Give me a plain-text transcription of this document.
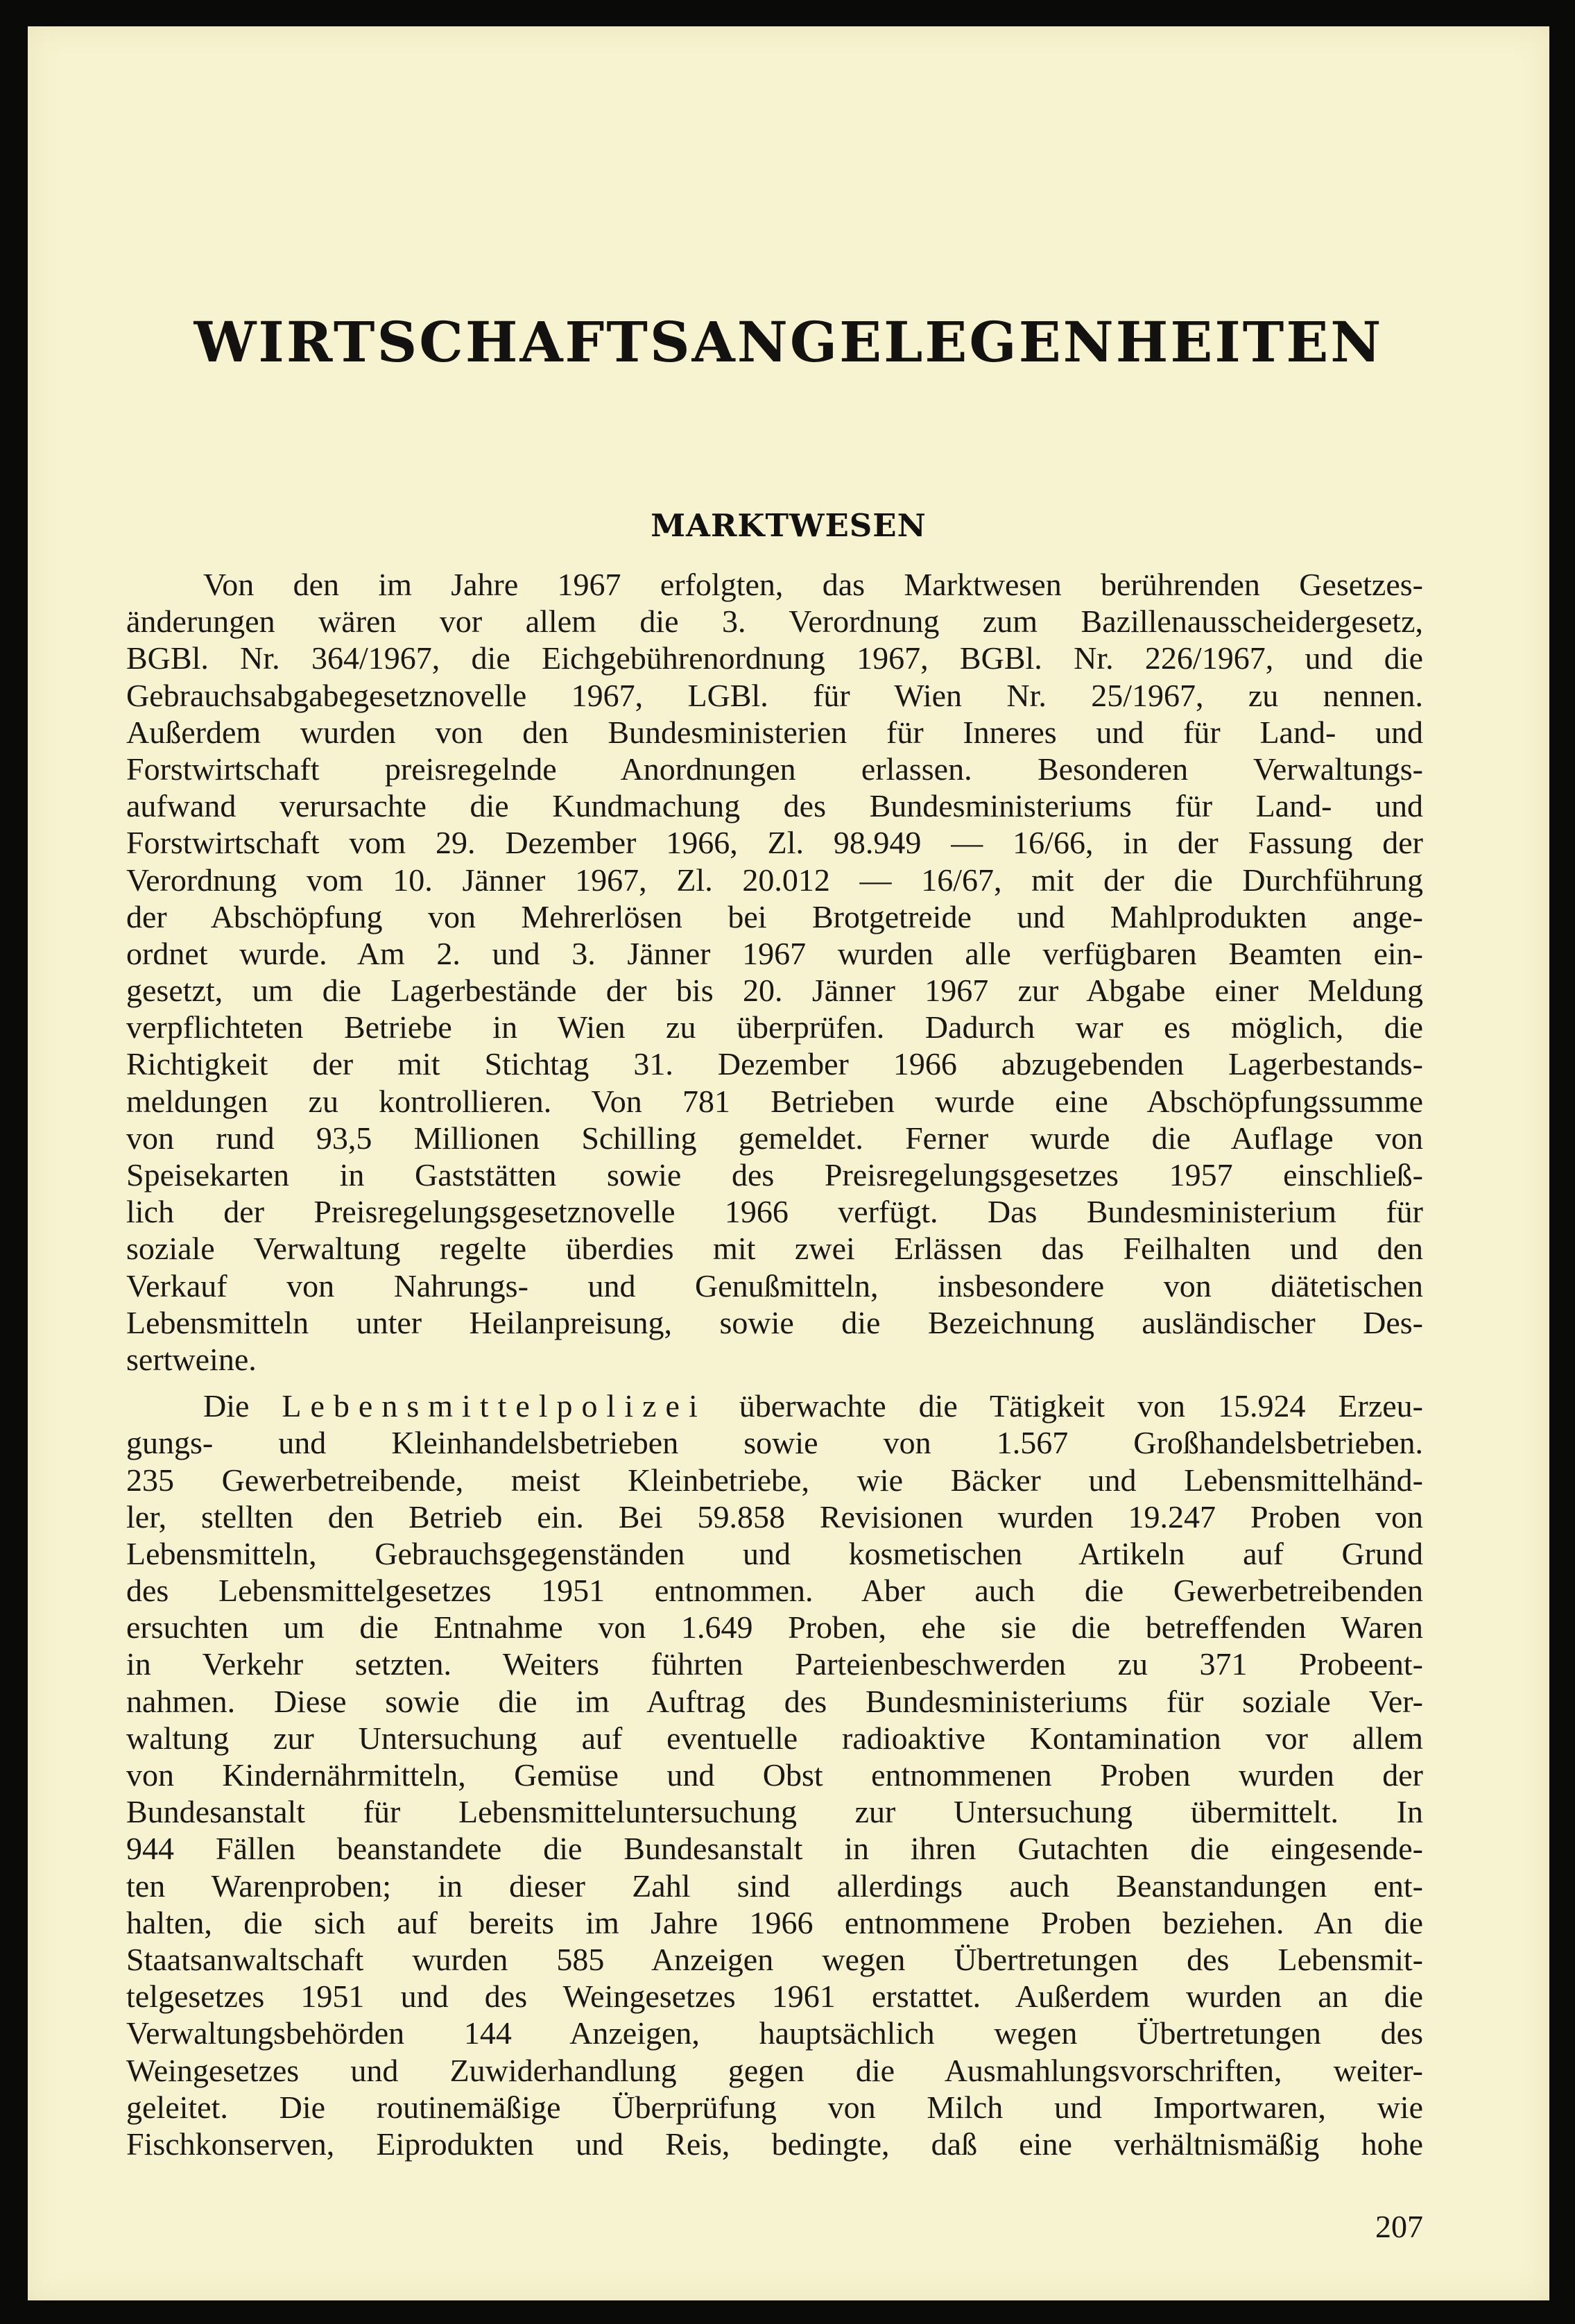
WIRTSCHAFTSANGELEGENHEITEN
MARKTWESEN
Von den im Jahre 1967 erfolgten, das Marktwesen berührenden Gesetzes-
änderungen wären vor allem die 3. Verordnung zum Bazillenausscheidergesetz,
BGBl. Nr. 364/1967, die Eichgebührenordnung 1967, BGBl. Nr. 226/1967, und die
Gebrauchsabgabegesetznovelle 1967, LGBl. für Wien Nr. 25/1967, zu nennen.
Außerdem wurden von den Bundesministerien für Inneres und für Land- und
Forstwirtschaft preisregelnde Anordnungen erlassen. Besonderen Verwaltungs-
aufwand verursachte die Kundmachung des Bundesministeriums für Land- und
Forstwirtschaft vom 29. Dezember 1966, Zl. 98.949 — 16/66, in der Fassung der
Verordnung vom 10. Jänner 1967, Zl. 20.012 — 16/67, mit der die Durchführung
der Abschöpfung von Mehrerlösen bei Brotgetreide und Mahlprodukten ange-
ordnet wurde. Am 2. und 3. Jänner 1967 wurden alle verfügbaren Beamten ein-
gesetzt, um die Lagerbestände der bis 20. Jänner 1967 zur Abgabe einer Meldung
verpflichteten Betriebe in Wien zu überprüfen. Dadurch war es möglich, die
Richtigkeit der mit Stichtag 31. Dezember 1966 abzugebenden Lagerbestands-
meldungen zu kontrollieren. Von 781 Betrieben wurde eine Abschöpfungssumme
von rund 93,5 Millionen Schilling gemeldet. Ferner wurde die Auflage von
Speisekarten in Gaststätten sowie des Preisregelungsgesetzes 1957 einschließ-
lich der Preisregelungsgesetznovelle 1966 verfügt. Das Bundesministerium für
soziale Verwaltung regelte überdies mit zwei Erlässen das Feilhalten und den
Verkauf von Nahrungs- und Genußmitteln, insbesondere von diätetischen
Lebensmitteln unter Heilanpreisung, sowie die Bezeichnung ausländischer Des-
sertweine.
Die Lebensmittelpolizei überwachte die Tätigkeit von 15.924 Erzeu-
gungs- und Kleinhandelsbetrieben sowie von 1.567 Großhandelsbetrieben.
235 Gewerbetreibende, meist Kleinbetriebe, wie Bäcker und Lebensmittelhänd-
ler, stellten den Betrieb ein. Bei 59.858 Revisionen wurden 19.247 Proben von
Lebensmitteln, Gebrauchsgegenständen und kosmetischen Artikeln auf Grund
des Lebensmittelgesetzes 1951 entnommen. Aber auch die Gewerbetreibenden
ersuchten um die Entnahme von 1.649 Proben, ehe sie die betreffenden Waren
in Verkehr setzten. Weiters führten Parteienbeschwerden zu 371 Probeent-
nahmen. Diese sowie die im Auftrag des Bundesministeriums für soziale Ver-
waltung zur Untersuchung auf eventuelle radioaktive Kontamination vor allem
von Kindernährmitteln, Gemüse und Obst entnommenen Proben wurden der
Bundesanstalt für Lebensmitteluntersuchung zur Untersuchung übermittelt. In
944 Fällen beanstandete die Bundesanstalt in ihren Gutachten die eingesende-
ten Warenproben; in dieser Zahl sind allerdings auch Beanstandungen ent-
halten, die sich auf bereits im Jahre 1966 entnommene Proben beziehen. An die
Staatsanwaltschaft wurden 585 Anzeigen wegen Übertretungen des Lebensmit-
telgesetzes 1951 und des Weingesetzes 1961 erstattet. Außerdem wurden an die
Verwaltungsbehörden 144 Anzeigen, hauptsächlich wegen Übertretungen des
Weingesetzes und Zuwiderhandlung gegen die Ausmahlungsvorschriften, weiter-
geleitet. Die routinemäßige Überprüfung von Milch und Importwaren, wie
Fischkonserven, Eiprodukten und Reis, bedingte, daß eine verhältnismäßig hohe
207
